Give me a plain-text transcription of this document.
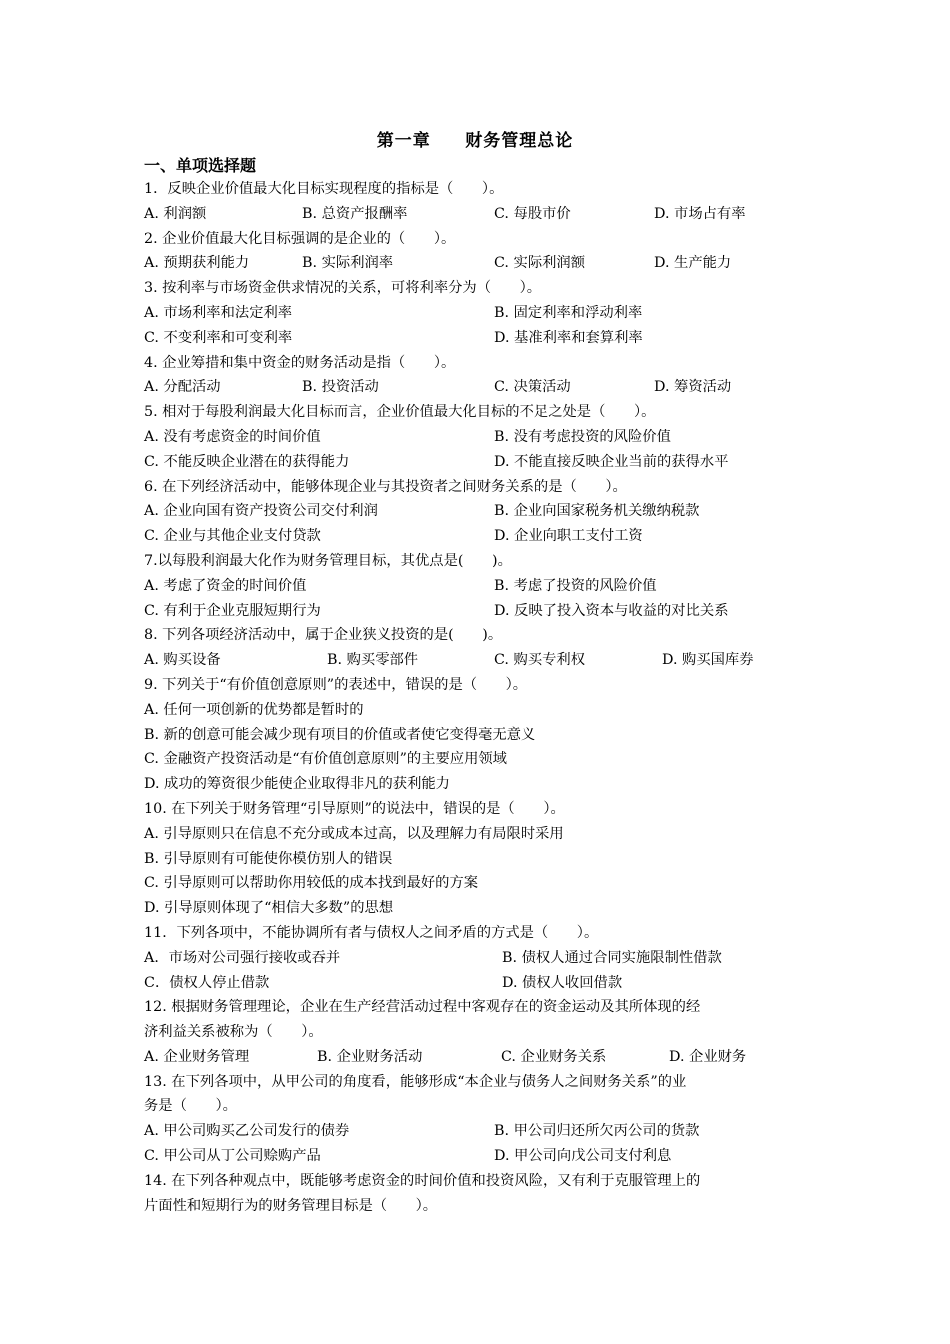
第一章 财务管理总论
一、单项选择题
1．反映企业价值最大化目标实现程度的指标是（　　）。
A. 利润额	B. 总资产报酬率	C. 每股市价	D. 市场占有率
2. 企业价值最大化目标强调的是企业的（　　）。
A. 预期获利能力	B. 实际利润率	C. 实际利润额	D. 生产能力
3. 按利率与市场资金供求情况的关系，可将利率分为（　　）。
A. 市场利率和法定利率	B. 固定利率和浮动利率
C. 不变利率和可变利率	D. 基准利率和套算利率
4. 企业筹措和集中资金的财务活动是指（　　）。
A. 分配活动	B. 投资活动	C. 决策活动	D. 筹资活动
5. 相对于每股利润最大化目标而言，企业价值最大化目标的不足之处是（　　）。
A. 没有考虑资金的时间价值	B. 没有考虑投资的风险价值
C. 不能反映企业潜在的获得能力	D. 不能直接反映企业当前的获得水平
6. 在下列经济活动中，能够体现企业与其投资者之间财务关系的是（　　）。
A. 企业向国有资产投资公司交付利润	B. 企业向国家税务机关缴纳税款
C. 企业与其他企业支付贷款	D. 企业向职工支付工资
7.以每股利润最大化作为财务管理目标，其优点是(　　)。
A. 考虑了资金的时间价值	B. 考虑了投资的风险价值
C. 有利于企业克服短期行为	D. 反映了投入资本与收益的对比关系
8. 下列各项经济活动中，属于企业狭义投资的是(　　)。
A. 购买设备	B. 购买零部件	C. 购买专利权	D. 购买国库券
9. 下列关于“有价值创意原则”的表述中，错误的是（　　）。
A. 任何一项创新的优势都是暂时的
B. 新的创意可能会减少现有项目的价值或者使它变得毫无意义
C. 金融资产投资活动是“有价值创意原则”的主要应用领域
D. 成功的筹资很少能使企业取得非凡的获利能力
10. 在下列关于财务管理“引导原则”的说法中，错误的是（　　）。
A. 引导原则只在信息不充分或成本过高，以及理解力有局限时采用
B. 引导原则有可能使你模仿别人的错误
C. 引导原则可以帮助你用较低的成本找到最好的方案
D. 引导原则体现了“相信大多数”的思想
11．下列各项中，不能协调所有者与债权人之间矛盾的方式是（　　）。
A．市场对公司强行接收或吞并	B. 债权人通过合同实施限制性借款
C．债权人停止借款	D. 债权人收回借款
12. 根据财务管理理论，企业在生产经营活动过程中客观存在的资金运动及其所体现的经
济利益关系被称为（　　）。
A. 企业财务管理	B. 企业财务活动	C. 企业财务关系	D. 企业财务
13. 在下列各项中，从甲公司的角度看，能够形成“本企业与债务人之间财务关系”的业
务是（　　）。
A. 甲公司购买乙公司发行的债券	B. 甲公司归还所欠丙公司的货款
C. 甲公司从丁公司赊购产品	D. 甲公司向戊公司支付利息
14. 在下列各种观点中，既能够考虑资金的时间价值和投资风险，又有利于克服管理上的
片面性和短期行为的财务管理目标是（　　）。
